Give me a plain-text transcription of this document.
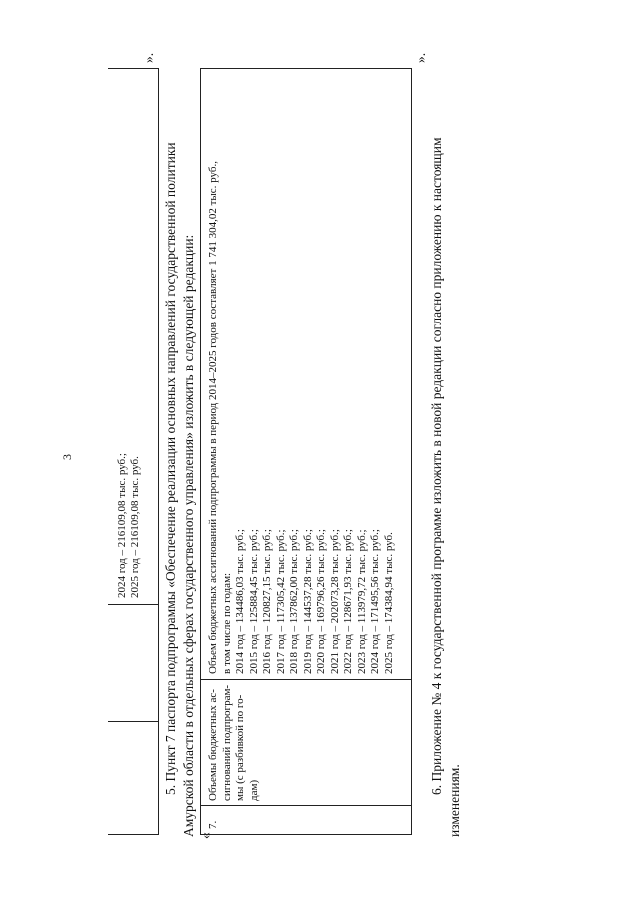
3	2024 год – 216109,08 тыс. руб.; 2025 год – 216109,08 тыс. руб.
».
5. Пункт 7 паспорта подпрограммы «Обеспечение реализации основных направлений государственной политики Амурской области в отдельных сферах государственного управления» изложить в следующей редакции: «
7.
Объемы бюджетных ас- сигнований подпрограм- мы (с разбивкой по го- дам)
Объем бюджетных ассигнований подпрограммы в период 2014–2025 годов составляет 1 741 304,02 тыс. руб., в том числе по годам: 2014 год – 134486,03 тыс. руб.; 2015 год – 125884,45 тыс. руб.; 2016 год – 120827,15 тыс. руб.; 2017 год – 117305,42 тыс. руб.; 2018 год – 137862,00 тыс. руб.; 2019 год – 144537,28 тыс. руб.; 2020 год – 169796,26 тыс. руб.; 2021 год – 202073,28 тыс. руб.; 2022 год – 128671,93 тыс. руб.; 2023 год – 113979,72 тыс. руб.; 2024 год – 171495,56 тыс. руб.; 2025 год – 174384,94 тыс. руб.
».
6. Приложение № 4 к государственной программе изложить в новой редакции согласно приложению к настоящим
изменениям.
